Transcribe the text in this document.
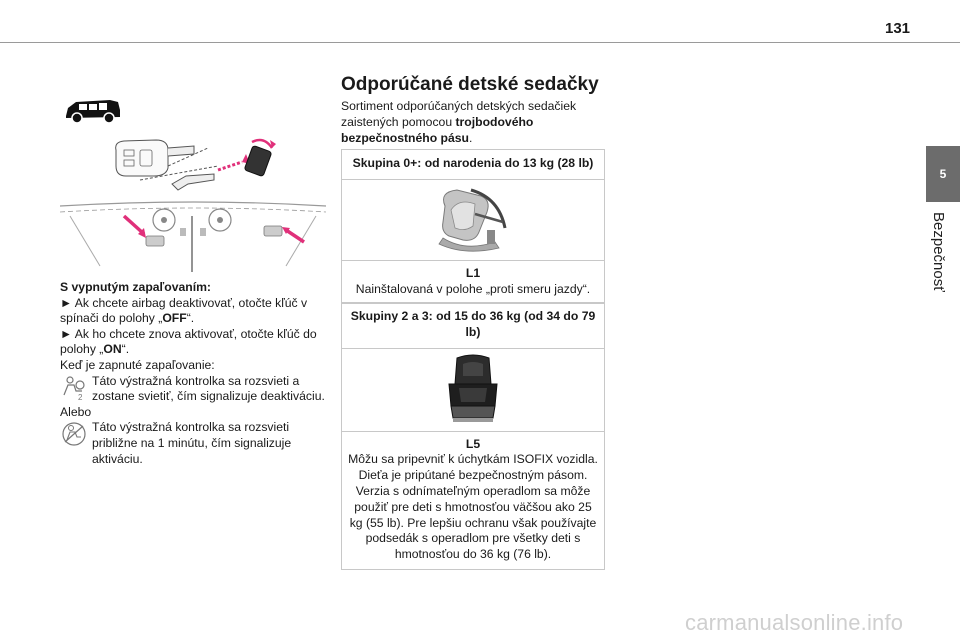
131
5
Bezpečnosť

S vypnutým zapaľovaním:

► Ak chcete airbag deaktivovať, otočte kľúč v spínači do polohy „OFF“.

► Ak ho chcete znova aktivovať, otočte kľúč do polohy „ON“.

Keď je zapnuté zapaľovanie:

2
Táto výstražná kontrolka sa rozsvieti a zostane svietiť, čím signalizuje deaktiváciu.

Alebo

Táto výstražná kontrolka sa rozsvieti približne na 1 minútu, čím signalizuje aktiváciu.

Odporúčané detské sedačky

Sortiment odporúčaných detských sedačiek zaistených pomocou trojbodového bezpečnostného pásu.

Skupina 0+: od narodenia do 13 kg (28 lb)
L1
Nainštalovaná v polohe „proti smeru jazdy“.
Skupiny 2 a 3: od 15 do 36 kg (od 34 do 79 lb)
L5
Môžu sa pripevniť k úchytkám ISOFIX vozidla.
Dieťa je pripútané bezpečnostným pásom.
Verzia s odnímateľným operadlom sa môže použiť pre deti s hmotnosťou väčšou ako 25 kg (55 lb). Pre lepšiu ochranu však používajte podsedák s operadlom pre všetky deti s hmotnosťou do 36 kg (76 lb).
carmanualsonline.info
